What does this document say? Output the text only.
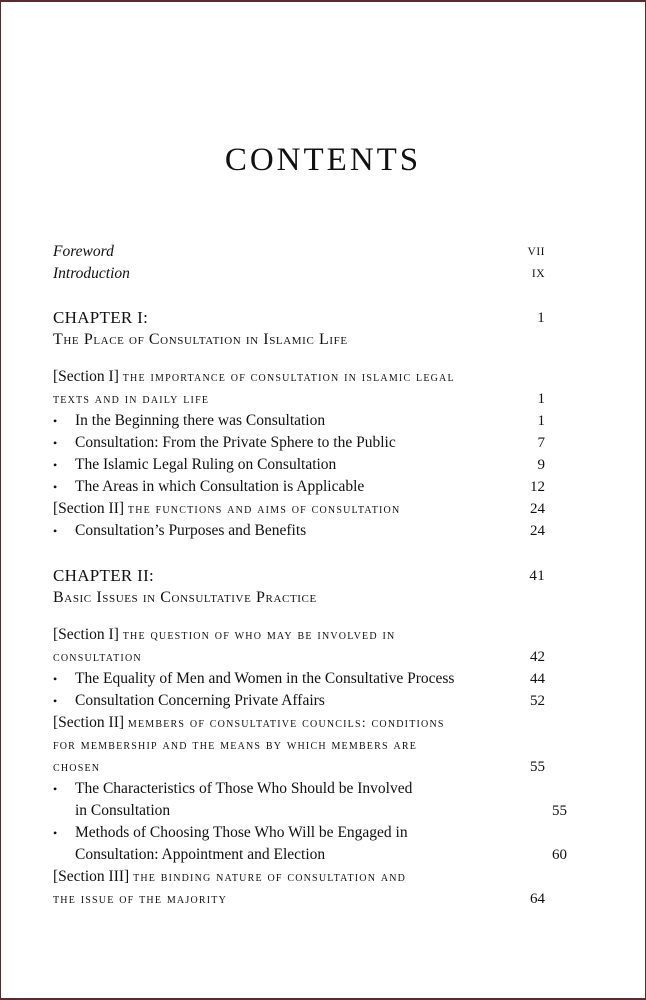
CONTENTS
Foreword	VII
Introduction	IX
CHAPTER I:	1
The Place of Consultation in Islamic Life
[Section I] the importance of consultation in islamic legal
texts and in daily life	1
• In the Beginning there was Consultation	1
• Consultation: From the Private Sphere to the Public	7
• The Islamic Legal Ruling on Consultation	9
• The Areas in which Consultation is Applicable	12
[Section II] the functions and aims of consultation	24
• Consultation’s Purposes and Benefits	24
CHAPTER II:	41
Basic Issues in Consultative Practice
[Section I] the question of who may be involved in
consultation	42
• The Equality of Men and Women in the Consultative Process	44
• Consultation Concerning Private Affairs	52
[Section II] members of consultative councils: conditions
for membership and the means by which members are
chosen	55
• The Characteristics of Those Who Should be Involved
in Consultation	55
• Methods of Choosing Those Who Will be Engaged in
Consultation: Appointment and Election	60
[Section III] the binding nature of consultation and
the issue of the majority	64
